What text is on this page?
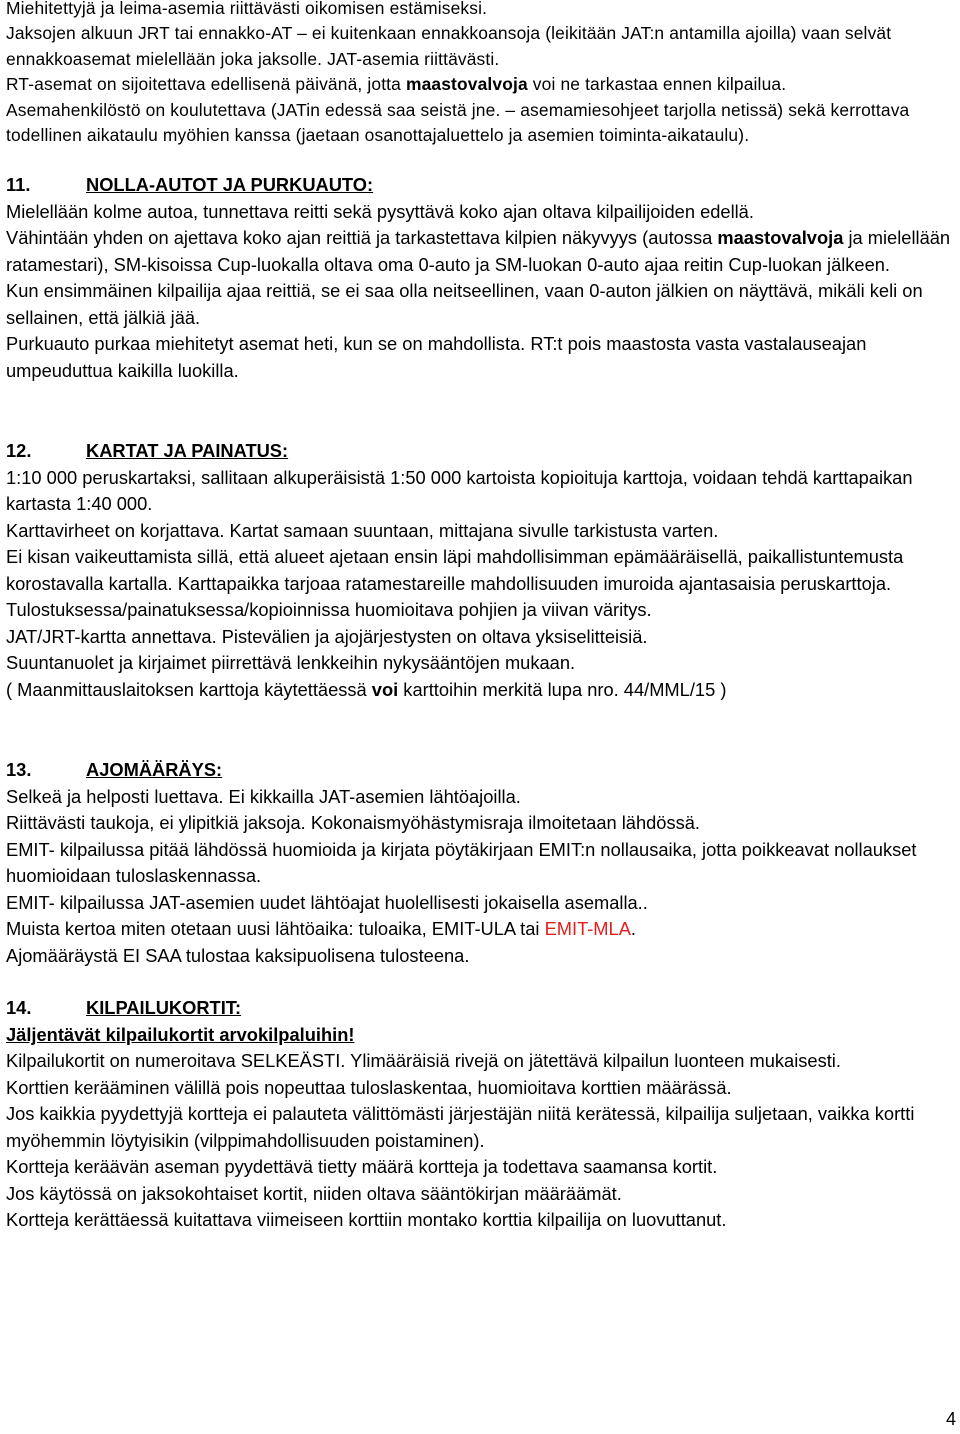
Miehitettyjä ja leima-asemia riittävästi oikomisen estämiseksi.

Jaksojen alkuun JRT tai ennakko-AT – ei kuitenkaan ennakkoansoja (leikitään JAT:n antamilla ajoilla) vaan selvät ennakkoasemat mielellään joka jaksolle. JAT-asemia riittävästi.

RT-asemat on sijoitettava edellisenä päivänä, jotta maastovalvoja voi ne tarkastaa ennen kilpailua.

Asemahenkilöstö on koulutettava (JATin edessä saa seistä jne. – asemamiesohjeet tarjolla netissä) sekä kerrottava todellinen aikataulu myöhien kanssa (jaetaan osanottajaluettelo ja asemien toiminta-aikataulu).

11.	NOLLA-AUTOT JA PURKUAUTO:

Mielellään kolme autoa, tunnettava reitti sekä pysyttävä koko ajan oltava kilpailijoiden edellä.

Vähintään yhden on ajettava koko ajan reittiä ja tarkastettava kilpien näkyvyys (autossa maastovalvoja ja mielellään ratamestari), SM-kisoissa Cup-luokalla oltava oma 0-auto ja SM-luokan 0-auto ajaa reitin Cup-luokan jälkeen.

Kun ensimmäinen kilpailija ajaa reittiä, se ei saa olla neitseellinen, vaan 0-auton jälkien on näyttävä, mikäli keli on sellainen, että jälkiä jää.

Purkuauto purkaa miehitetyt asemat heti, kun se on mahdollista. RT:t pois maastosta vasta vastalauseajan umpeuduttua kaikilla luokilla.

12.	KARTAT JA PAINATUS:

1:10 000 peruskartaksi, sallitaan alkuperäisistä 1:50 000 kartoista kopioituja karttoja, voidaan tehdä karttapaikan kartasta 1:40 000.

Karttavirheet on korjattava. Kartat samaan suuntaan, mittajana sivulle tarkistusta varten.

Ei kisan vaikeuttamista sillä, että alueet ajetaan ensin läpi mahdollisimman epämääräisellä, paikallistuntemusta korostavalla kartalla. Karttapaikka tarjoaa ratamestareille mahdollisuuden imuroida ajantasaisia peruskarttoja.

Tulostuksessa/painatuksessa/kopioinnissa huomioitava pohjien ja viivan väritys.

JAT/JRT-kartta annettava. Pistevälien ja ajojärjestysten on oltava yksiselitteisiä.

Suuntanuolet ja kirjaimet piirrettävä lenkkeihin nykysääntöjen mukaan.

( Maanmittauslaitoksen karttoja käytettäessä voi karttoihin merkitä lupa nro. 44/MML/15 )

13.	AJOMÄÄRÄYS:

Selkeä ja helposti luettava. Ei kikkailla JAT-asemien lähtöajoilla.

Riittävästi taukoja, ei ylipitkiä jaksoja. Kokonaismyöhästymisraja ilmoitetaan lähdössä.

EMIT- kilpailussa pitää lähdössä huomioida ja kirjata pöytäkirjaan EMIT:n nollausaika, jotta poikkeavat nollaukset huomioidaan tuloslaskennassa.

EMIT- kilpailussa JAT-asemien uudet lähtöajat huolellisesti jokaisella asemalla..

Muista kertoa miten otetaan uusi lähtöaika: tuloaika, EMIT-ULA tai EMIT-MLA.

Ajomääräystä EI SAA tulostaa kaksipuolisena tulosteena.

14.	KILPAILUKORTIT:

Jäljentävät kilpailukortit arvokilpaluihin!

Kilpailukortit on numeroitava SELKEÄSTI. Ylimääräisiä rivejä on jätettävä kilpailun luonteen mukaisesti.

Korttien kerääminen välillä pois nopeuttaa tuloslaskentaa, huomioitava korttien määrässä.

Jos kaikkia pyydettyjä kortteja ei palauteta välittömästi järjestäjän niitä kerätessä, kilpailija suljetaan, vaikka kortti myöhemmin löytyisikin (vilppimahdollisuuden poistaminen).

Kortteja keräävän aseman pyydettävä tietty määrä kortteja ja todettava saamansa kortit.

Jos käytössä on jaksokohtaiset kortit, niiden oltava sääntökirjan määräämät.

Kortteja kerättäessä kuitattava viimeiseen korttiin montako korttia kilpailija on luovuttanut.

4
